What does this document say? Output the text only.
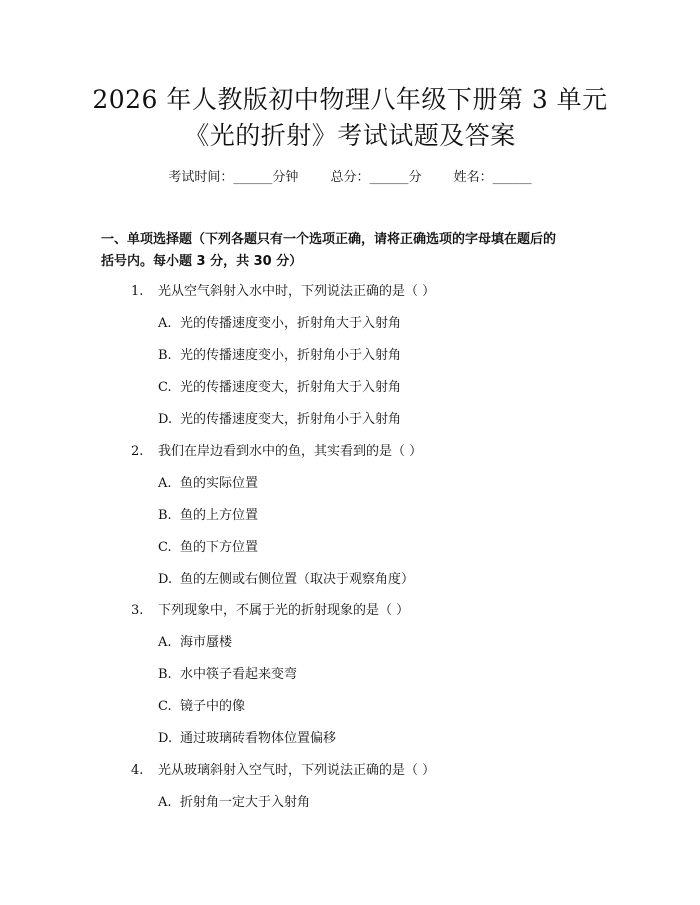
2026 年人教版初中物理八年级下册第 3 单元
《光的折射》考试试题及答案
考试时间：______分钟 总分：______分 姓名：______
一、单项选择题（下列各题只有一个选项正确，请将正确选项的字母填在题后的
括号内。每小题 3 分，共 30 分）
1. 光从空气斜射入水中时，下列说法正确的是（ ）
A. 光的传播速度变小，折射角大于入射角
B. 光的传播速度变小，折射角小于入射角
C. 光的传播速度变大，折射角大于入射角
D. 光的传播速度变大，折射角小于入射角
2. 我们在岸边看到水中的鱼，其实看到的是（ ）
A. 鱼的实际位置
B. 鱼的上方位置
C. 鱼的下方位置
D. 鱼的左侧或右侧位置（取决于观察角度）
3. 下列现象中，不属于光的折射现象的是（ ）
A. 海市蜃楼
B. 水中筷子看起来变弯
C. 镜子中的像
D. 通过玻璃砖看物体位置偏移
4. 光从玻璃斜射入空气时，下列说法正确的是（ ）
A. 折射角一定大于入射角
